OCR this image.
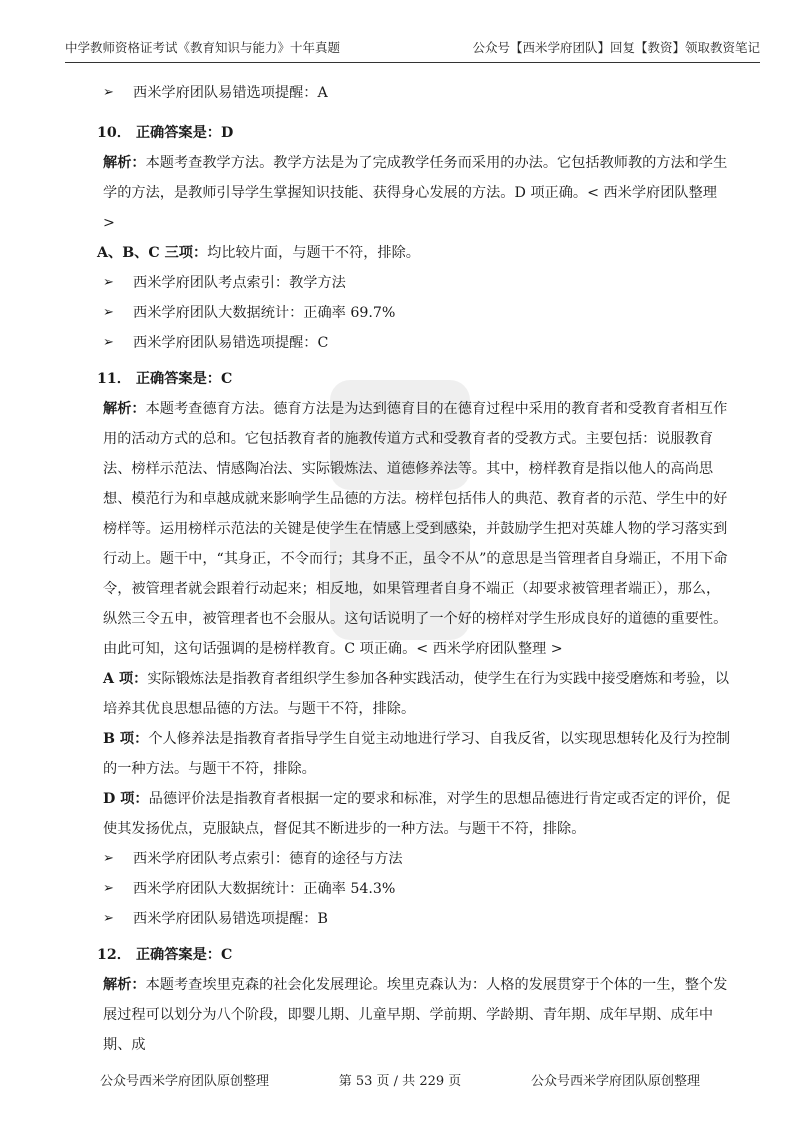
中学教师资格证考试《教育知识与能力》十年真题	公众号【西米学府团队】回复【教资】领取教资笔记

➢ 西米学府团队易错选项提醒：A

10． 正确答案是：D

解析：本题考查教学方法。教学方法是为了完成教学任务而采用的办法。它包括教师教的方法和学生学的方法，是教师引导学生掌握知识技能、获得身心发展的方法。D 项正确。< 西米学府团队整理 >

A、B、C 三项：均比较片面，与题干不符，排除。

➢ 西米学府团队考点索引：教学方法

➢ 西米学府团队大数据统计：正确率 69.7%

➢ 西米学府团队易错选项提醒：C

11． 正确答案是：C

解析：本题考查德育方法。德育方法是为达到德育目的在德育过程中采用的教育者和受教育者相互作用的活动方式的总和。它包括教育者的施教传道方式和受教育者的受教方式。主要包括：说服教育法、榜样示范法、情感陶冶法、实际锻炼法、道德修养法等。其中，榜样教育是指以他人的高尚思想、模范行为和卓越成就来影响学生品德的方法。榜样包括伟人的典范、教育者的示范、学生中的好榜样等。运用榜样示范法的关键是使学生在情感上受到感染，并鼓励学生把对英雄人物的学习落实到行动上。题干中，“其身正，不令而行；其身不正，虽令不从”的意思是当管理者自身端正，不用下命令，被管理者就会跟着行动起来；相反地，如果管理者自身不端正（却要求被管理者端正），那么，纵然三令五申，被管理者也不会服从。这句话说明了一个好的榜样对学生形成良好的道德的重要性。由此可知，这句话强调的是榜样教育。C 项正确。< 西米学府团队整理 >

A 项：实际锻炼法是指教育者组织学生参加各种实践活动，使学生在行为实践中接受磨炼和考验，以培养其优良思想品德的方法。与题干不符，排除。

B 项：个人修养法是指教育者指导学生自觉主动地进行学习、自我反省，以实现思想转化及行为控制的一种方法。与题干不符，排除。

D 项：品德评价法是指教育者根据一定的要求和标准，对学生的思想品德进行肯定或否定的评价，促使其发扬优点，克服缺点，督促其不断进步的一种方法。与题干不符，排除。

➢ 西米学府团队考点索引：德育的途径与方法

➢ 西米学府团队大数据统计：正确率 54.3%

➢ 西米学府团队易错选项提醒：B

12． 正确答案是：C

解析：本题考查埃里克森的社会化发展理论。埃里克森认为：人格的发展贯穿于个体的一生，整个发展过程可以划分为八个阶段，即婴儿期、儿童早期、学前期、学龄期、青年期、成年早期、成年中期、成

公众号西米学府团队原创整理	第 53 页 / 共 229 页	公众号西米学府团队原创整理
